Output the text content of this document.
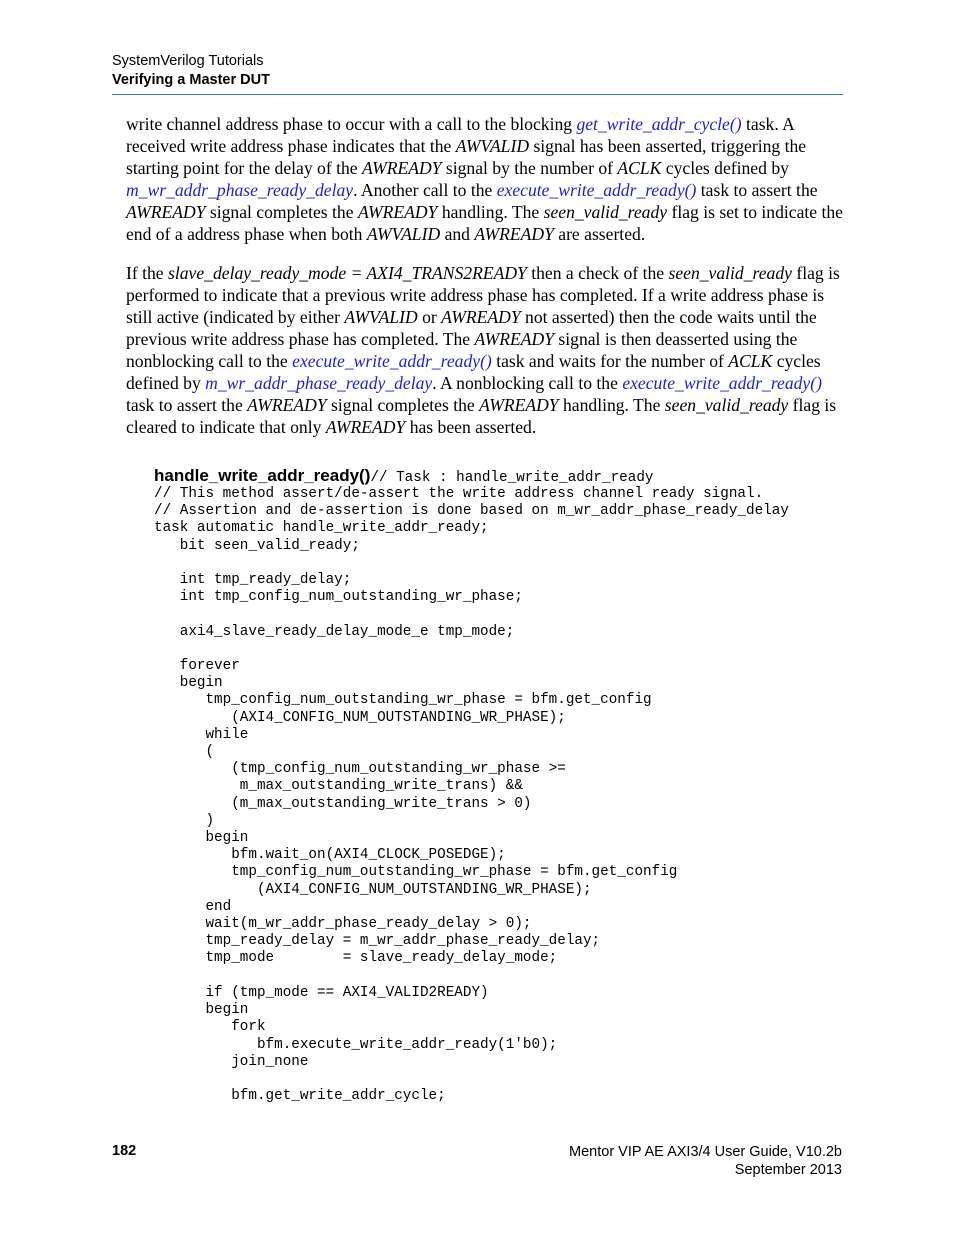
SystemVerilog Tutorials
Verifying a Master DUT
write channel address phase to occur with a call to the blocking get_write_addr_cycle() task. A received write address phase indicates that the AWVALID signal has been asserted, triggering the starting point for the delay of the AWREADY signal by the number of ACLK cycles defined by m_wr_addr_phase_ready_delay. Another call to the execute_write_addr_ready() task to assert the AWREADY signal completes the AWREADY handling. The seen_valid_ready flag is set to indicate the end of a address phase when both AWVALID and AWREADY are asserted.
If the slave_delay_ready_mode = AXI4_TRANS2READY then a check of the seen_valid_ready flag is performed to indicate that a previous write address phase has completed. If a write address phase is still active (indicated by either AWVALID or AWREADY not asserted) then the code waits until the previous write address phase has completed. The AWREADY signal is then deasserted using the nonblocking call to the execute_write_addr_ready() task and waits for the number of ACLK cycles defined by m_wr_addr_phase_ready_delay. A nonblocking call to the execute_write_addr_ready() task to assert the AWREADY signal completes the AWREADY handling. The seen_valid_ready flag is cleared to indicate that only AWREADY has been asserted.
handle_write_addr_ready()// Task : handle_write_addr_ready
// This method assert/de-assert the write address channel ready signal.
// Assertion and de-assertion is done based on m_wr_addr_phase_ready_delay
task automatic handle_write_addr_ready;
bit seen_valid_ready;

int tmp_ready_delay;
int tmp_config_num_outstanding_wr_phase;

axi4_slave_ready_delay_mode_e tmp_mode;

forever
begin
tmp_config_num_outstanding_wr_phase = bfm.get_config
(AXI4_CONFIG_NUM_OUTSTANDING_WR_PHASE);
while
(
(tmp_config_num_outstanding_wr_phase >=
m_max_outstanding_write_trans) &&
(m_max_outstanding_write_trans > 0)
)
begin
bfm.wait_on(AXI4_CLOCK_POSEDGE);
tmp_config_num_outstanding_wr_phase = bfm.get_config
(AXI4_CONFIG_NUM_OUTSTANDING_WR_PHASE);
end
wait(m_wr_addr_phase_ready_delay > 0);
tmp_ready_delay = m_wr_addr_phase_ready_delay;
tmp_mode        = slave_ready_delay_mode;

if (tmp_mode == AXI4_VALID2READY)
begin
fork
bfm.execute_write_addr_ready(1'b0);
join_none

bfm.get_write_addr_cycle;
182	Mentor VIP AE AXI3/4 User Guide, V10.2b
September 2013
